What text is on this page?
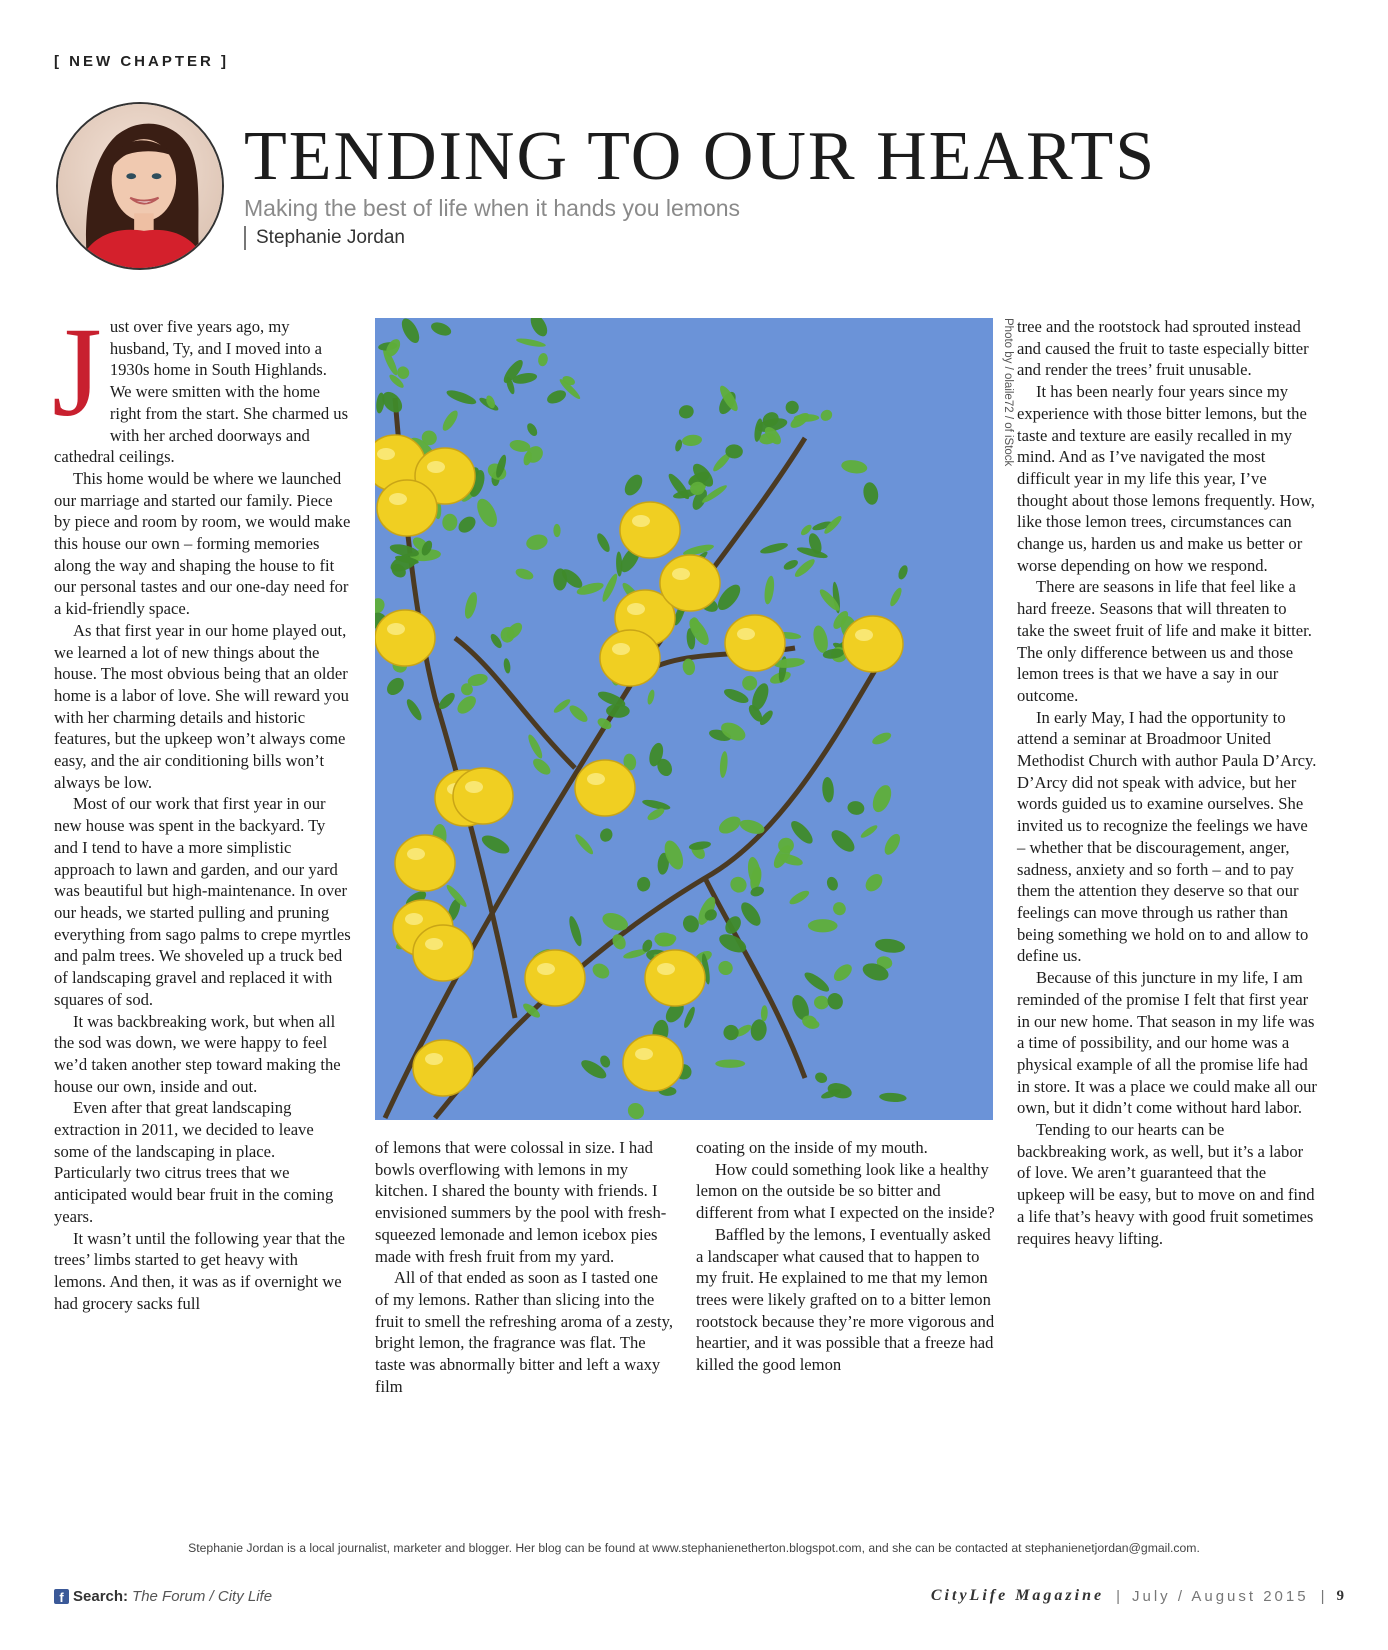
[ NEW CHAPTER ]
TENDING TO OUR HEARTS
Making the best of life when it hands you lemons
Stephanie Jordan
J ust over five years ago, my husband, Ty, and I moved into a 1930s home in South Highlands. We were smitten with the home right from the start. She charmed us with her arched doorways and cathedral ceilings.

This home would be where we launched our marriage and started our family. Piece by piece and room by room, we would make this house our own – forming memories along the way and shaping the house to fit our personal tastes and our one-day need for a kid-friendly space.

As that first year in our home played out, we learned a lot of new things about the house. The most obvious being that an older home is a labor of love. She will reward you with her charming details and historic features, but the upkeep won’t always come easy, and the air conditioning bills won’t always be low.

Most of our work that first year in our new house was spent in the backyard. Ty and I tend to have a more simplistic approach to lawn and garden, and our yard was beautiful but high-maintenance. In over our heads, we started pulling and pruning everything from sago palms to crepe myrtles and palm trees. We shoveled up a truck bed of landscaping gravel and replaced it with squares of sod.

It was backbreaking work, but when all the sod was down, we were happy to feel we’d taken another step toward making the house our own, inside and out.

Even after that great landscaping extraction in 2011, we decided to leave some of the landscaping in place. Particularly two citrus trees that we anticipated would bear fruit in the coming years.

It wasn’t until the following year that the trees’ limbs started to get heavy with lemons. And then, it was as if overnight we had grocery sacks full

Photo by / olaile72 / of iStock

of lemons that were colossal in size. I had bowls overflowing with lemons in my kitchen. I shared the bounty with friends. I envisioned summers by the pool with fresh-squeezed lemonade and lemon icebox pies made with fresh fruit from my yard.

All of that ended as soon as I tasted one of my lemons. Rather than slicing into the fruit to smell the refreshing aroma of a zesty, bright lemon, the fragrance was flat. The taste was abnormally bitter and left a waxy film

coating on the inside of my mouth.

How could something look like a healthy lemon on the outside be so bitter and different from what I expected on the inside?

Baffled by the lemons, I eventually asked a landscaper what caused that to happen to my fruit. He explained to me that my lemon trees were likely grafted on to a bitter lemon rootstock because they’re more vigorous and heartier, and it was possible that a freeze had killed the good lemon

tree and the rootstock had sprouted instead and caused the fruit to taste especially bitter and render the trees’ fruit unusable.

It has been nearly four years since my experience with those bitter lemons, but the taste and texture are easily recalled in my mind. And as I’ve navigated the most difficult year in my life this year, I’ve thought about those lemons frequently. How, like those lemon trees, circumstances can change us, harden us and make us better or worse depending on how we respond.

There are seasons in life that feel like a hard freeze. Seasons that will threaten to take the sweet fruit of life and make it bitter. The only difference between us and those lemon trees is that we have a say in our outcome.

In early May, I had the opportunity to attend a seminar at Broadmoor United Methodist Church with author Paula D’Arcy. D’Arcy did not speak with advice, but her words guided us to examine ourselves. She invited us to recognize the feelings we have – whether that be discouragement, anger, sadness, anxiety and so forth – and to pay them the attention they deserve so that our feelings can move through us rather than being something we hold on to and allow to define us.

Because of this juncture in my life, I am reminded of the promise I felt that first year in our new home. That season in my life was a time of possibility, and our home was a physical example of all the promise life had in store. It was a place we could make all our own, but it didn’t come without hard labor.

Tending to our hearts can be backbreaking work, as well, but it’s a labor of love. We aren’t guaranteed that the upkeep will be easy, but to move on and find a life that’s heavy with good fruit sometimes requires heavy lifting.

Stephanie Jordan is a local journalist, marketer and blogger. Her blog can be found at www.stephanienetherton.blogspot.com, and she can be contacted at stephanienetjordan@gmail.com.
f Search: The Forum / City Life	CityLife Magazine | July / August 2015 | 9
